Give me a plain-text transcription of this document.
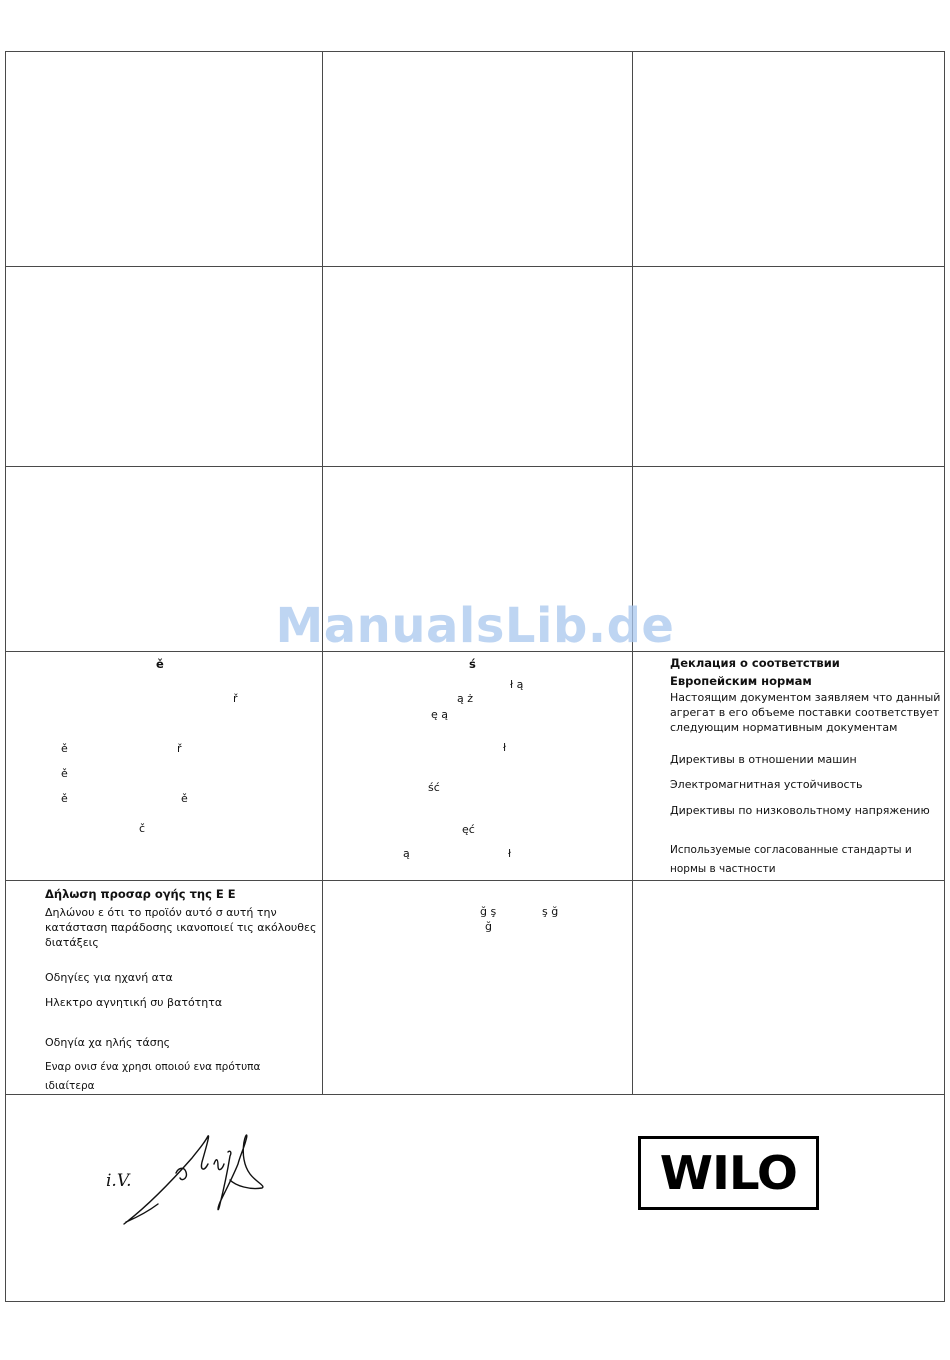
ManualsLib.de
ě
ř
ě	ř
ě
ě	ě
č
ś
ł ą
ą ż
ę ą
ł
ść
ęć
ą	ł
Деклация о соответствии
Европейским нормам
Настоящим документом заявляем что данный
агрегат в его объеме поставки соответствует
следующим нормативным документам
Директивы в отношении машин
Электромагнитная устойчивость
Директивы по низковольтному напряжению
Используемые согласованные стандарты и
нормы в частности
Δήλωση προσαρ ογής της Ε Ε
Δηλώνου ε ότι το προϊόν αυτό σ αυτή την
κατάσταση παράδοσης ικανοποιεί τις ακόλουθες
διατάξεις
Οδηγίες για ηχανή ατα
Ηλεκτρο αγνητική συ βατότητα
Οδηγία χα ηλής τάσης
Εναρ ονισ ένα χρησι οποιού ενα πρότυπα
ιδιαίτερα
ğ ş	ş ğ
ğ
i.V.	WILO
